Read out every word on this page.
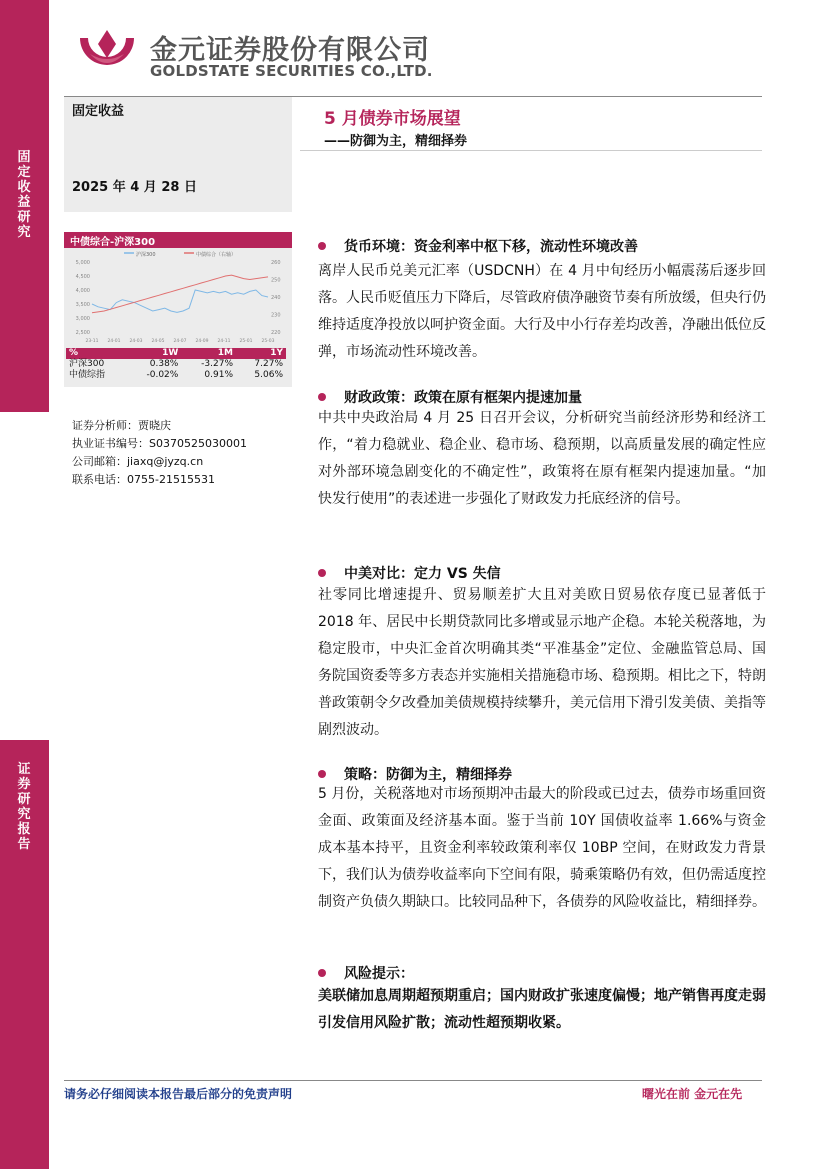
固定收益研究
证券研究报告
金元证券股份有限公司
GOLDSTATE SECURITIES CO.,LTD.
固定收益
2025 年 4 月 28 日
5 月债券市场展望
——防御为主，精细择券
中债综合-沪深300
沪深300	中债综合（右轴）
5,000
4,500
4,000
3,500
3,000
2,500
260
250
240
230
220
23-11 24-01 24-03 24-05 24-07 24-09 24-11 25-01 25-03
%	1W	1M	1Y
沪深300	0.38%	-3.27%	7.27%
中债综指	-0.02%	0.91%	5.06%
证券分析师：贾晓庆
执业证书编号：S0370525030001
公司邮箱：jiaxq@jyzq.cn
联系电话：0755-21515531
货币环境：资金利率中枢下移，流动性环境改善
离岸人民币兑美元汇率（USDCNH）在 4 月中旬经历小幅震荡后逐步回落。人民币贬值压力下降后，尽管政府债净融资节奏有所放缓，但央行仍维持适度净投放以呵护资金面。大行及中小行存差均改善，净融出低位反弹，市场流动性环境改善。
财政政策：政策在原有框架内提速加量
中共中央政治局 4 月 25 日召开会议，分析研究当前经济形势和经济工作，“着力稳就业、稳企业、稳市场、稳预期，以高质量发展的确定性应对外部环境急剧变化的不确定性”，政策将在原有框架内提速加量。“加快发行使用”的表述进一步强化了财政发力托底经济的信号。
中美对比：定力 VS 失信
社零同比增速提升、贸易顺差扩大且对美欧日贸易依存度已显著低于 2018 年、居民中长期贷款同比多增或显示地产企稳。本轮关税落地，为稳定股市，中央汇金首次明确其类“平准基金”定位、金融监管总局、国务院国资委等多方表态并实施相关措施稳市场、稳预期。相比之下，特朗普政策朝令夕改叠加美债规模持续攀升，美元信用下滑引发美债、美指等剧烈波动。
策略：防御为主，精细择券
5 月份，关税落地对市场预期冲击最大的阶段或已过去，债券市场重回资金面、政策面及经济基本面。鉴于当前 10Y 国债收益率 1.66%与资金成本基本持平，且资金利率较政策利率仅 10BP 空间，在财政发力背景下，我们认为债券收益率向下空间有限，骑乘策略仍有效，但仍需适度控制资产负债久期缺口。比较同品种下，各债券的风险收益比，精细择券。
风险提示：
美联储加息周期超预期重启；国内财政扩张速度偏慢；地产销售再度走弱引发信用风险扩散；流动性超预期收紧。
请务必仔细阅读本报告最后部分的免责声明	曙光在前 金元在先
